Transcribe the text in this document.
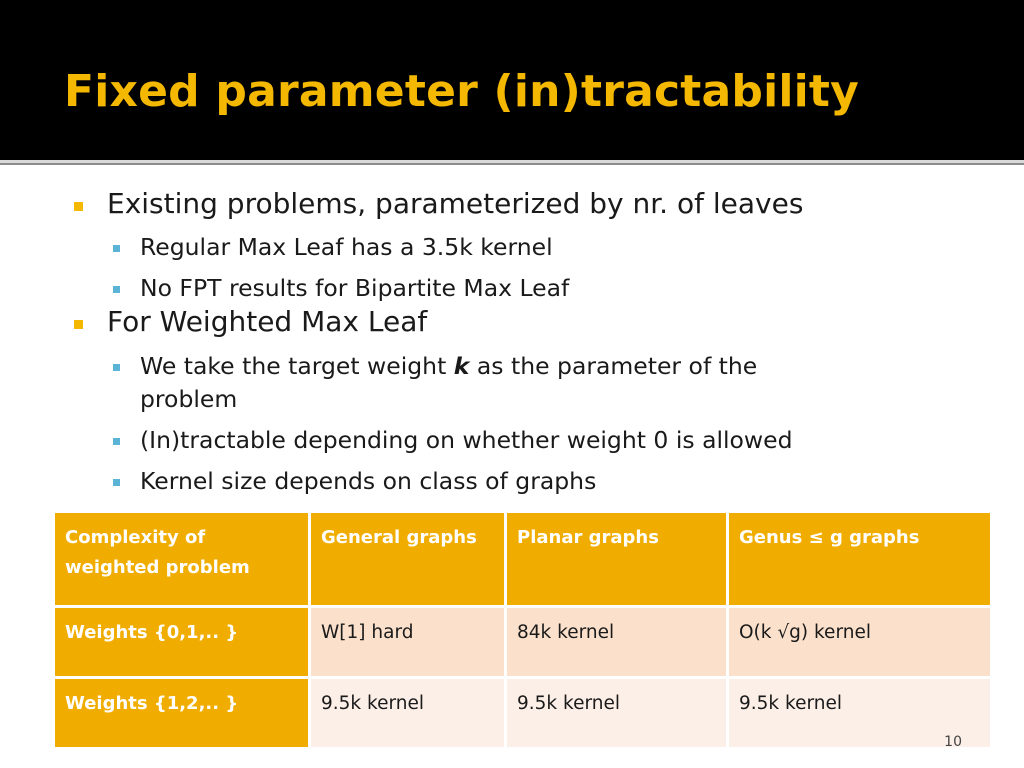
Fixed parameter (in)tractability
Existing problems, parameterized by nr. of leaves
Regular Max Leaf has a 3.5k kernel
No FPT results for Bipartite Max Leaf
For Weighted Max Leaf
We take the target weight k as the parameter of the
problem
(In)tractable depending on whether weight 0 is allowed
Kernel size depends on class of graphs
Complexity of weighted problem	General graphs	Planar graphs	Genus ≤ g graphs
Weights {0,1,.. }	W[1] hard	84k kernel	O(k √g) kernel
Weights {1,2,.. }	9.5k kernel	9.5k kernel	9.5k kernel
10
